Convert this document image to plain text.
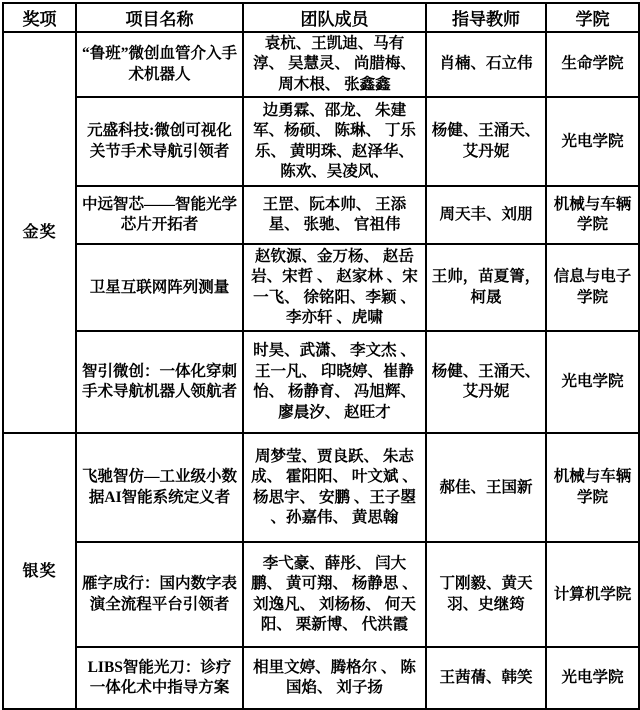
奖项	项目名称	团队成员	指导教师	学院
金奖	“鲁班”微创血管介入手术机器人	袁杭、王凯迪、马有淳、 吴慧灵、 尚腊梅、周木根、 张鑫鑫	肖楠、石立伟	生命学院
	元盛科技:微创可视化关节手术导航引领者	边勇霖、邵龙、 朱建军、杨硕、 陈琳、 丁乐乐、 黄明珠、赵泽华、 陈欢、吴凌风、	杨健、王涌天、艾丹妮	光电学院
	中远智芯——智能光学芯片开拓者	王罡、阮本帅、 王添星、 张驰、 官祖伟	周天丰、刘朋	机械与车辆学院
	卫星互联网阵列测量	赵钦源、金万杨、 赵岳岩、宋哲 、 赵家林 、宋一飞、 徐铭阳、李颖 、李亦轩 、虎啸	王帅，苗夏箐，柯晟	信息与电子学院
	智引微创：一体化穿刺手术导航机器人领航者	时昊、武潇、 李文杰 、 王一凡、 印晓婷、崔静怡、 杨静育、 冯旭辉、 廖晨汐、 赵旺才	杨健、王涌天、艾丹妮	光电学院
银奖	飞驰智仿—工业级小数据AI智能系统定义者	周梦莹、贾良跃、 朱志成、 霍阳阳、 叶文斌 、 杨思宇、 安鹏 、王子曌 、孙嘉伟、 黄思翰	郝佳、王国新	机械与车辆学院
	雁字成行：国内数字表演全流程平台引领者	李弋豪、薛彤、 闫大鹏、 黄可翔、 杨静思 、 刘逸凡、 刘杨杨、 何天阳、 栗新博、 代洪霞	丁刚毅、黄天羽、史继筠	计算机学院
	LIBS智能光刀：诊疗一体化术中指导方案	相里文婷、腾格尔 、 陈国焰、 刘子扬	王茜蒨、韩笑	光电学院
